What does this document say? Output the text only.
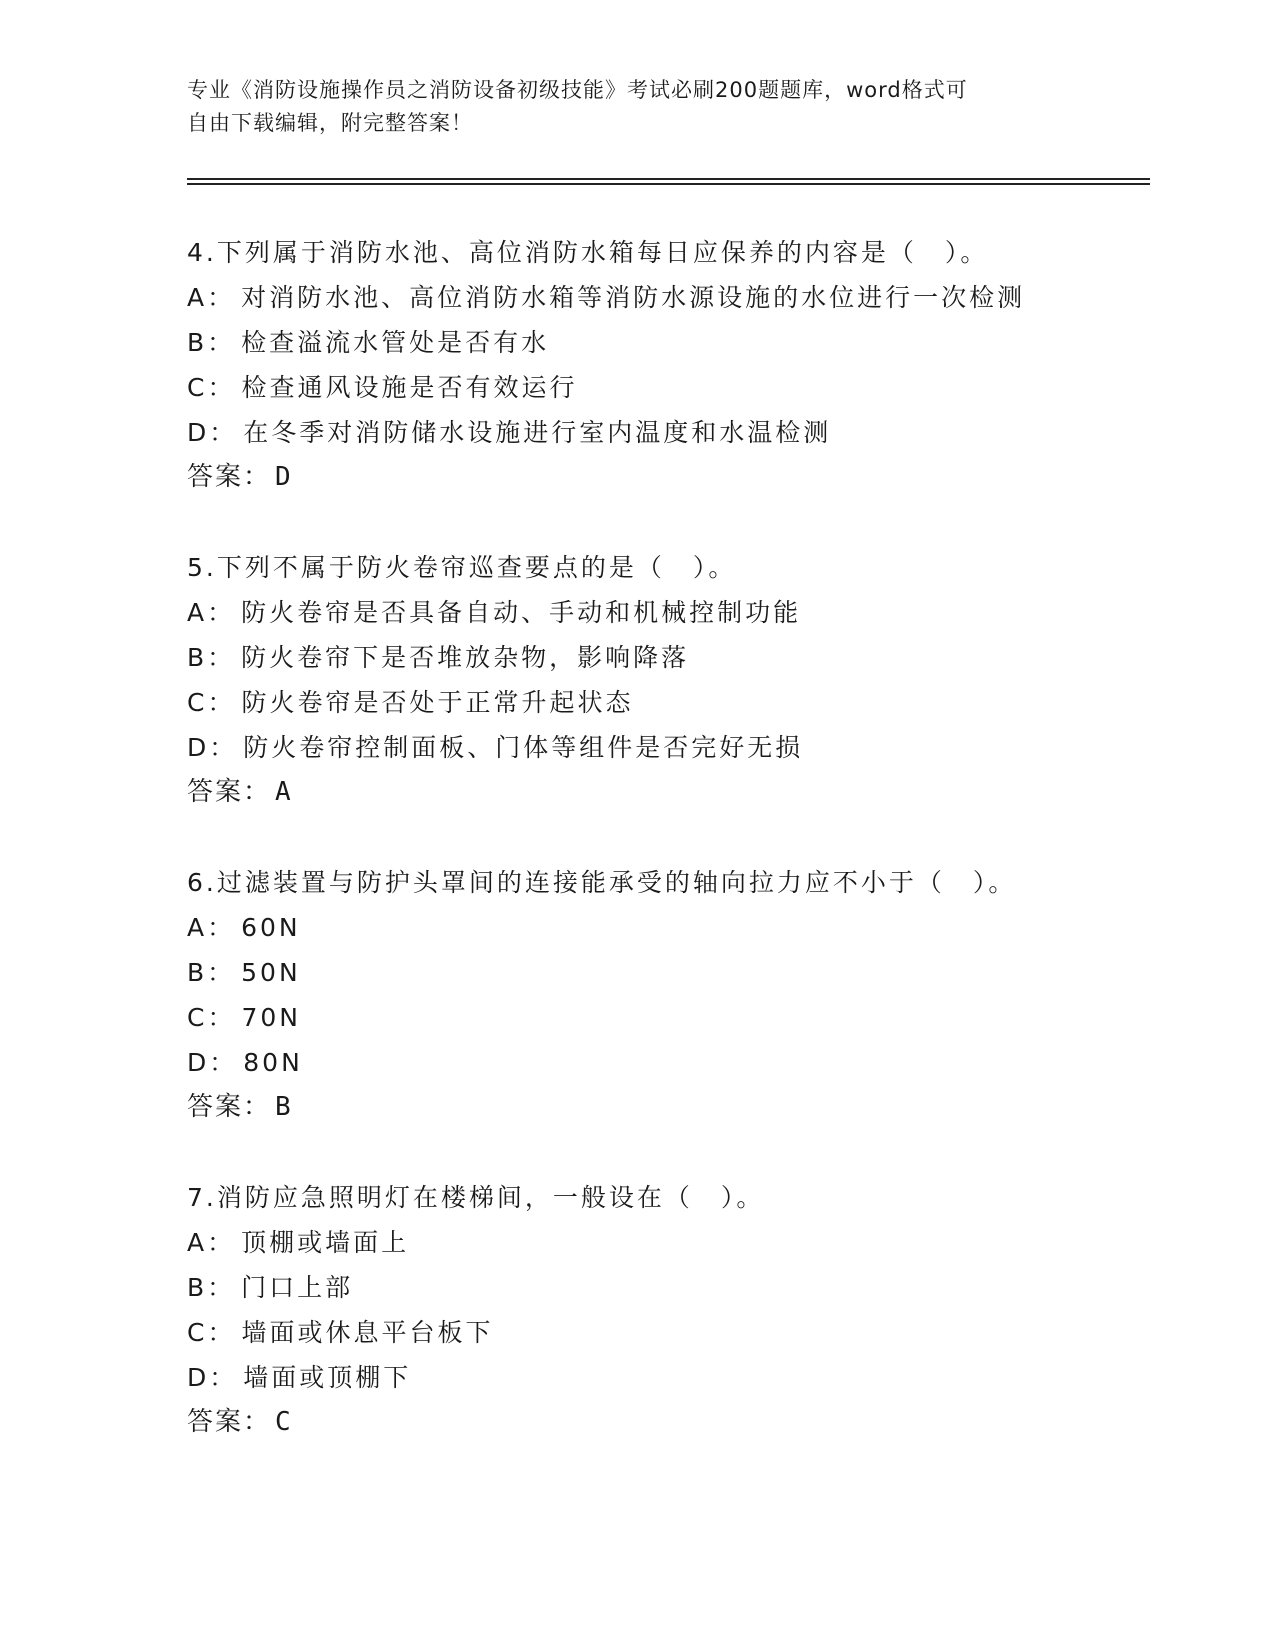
专业《消防设施操作员之消防设备初级技能》考试必刷200题题库，word格式可
自由下载编辑，附完整答案！
4.下列属于消防水池、高位消防水箱每日应保养的内容是（　）。
A： 对消防水池、高位消防水箱等消防水源设施的水位进行一次检测
B： 检查溢流水管处是否有水
C： 检查通风设施是否有效运行
D： 在冬季对消防储水设施进行室内温度和水温检测
答案： D
5.下列不属于防火卷帘巡查要点的是（　）。
A： 防火卷帘是否具备自动、手动和机械控制功能
B： 防火卷帘下是否堆放杂物，影响降落
C： 防火卷帘是否处于正常升起状态
D： 防火卷帘控制面板、门体等组件是否完好无损
答案： A
6.过滤装置与防护头罩间的连接能承受的轴向拉力应不小于（　）。
A： 60N
B： 50N
C： 70N
D： 80N
答案： B
7.消防应急照明灯在楼梯间，一般设在（　）。
A： 顶棚或墙面上
B： 门口上部
C： 墙面或休息平台板下
D： 墙面或顶棚下
答案： C
